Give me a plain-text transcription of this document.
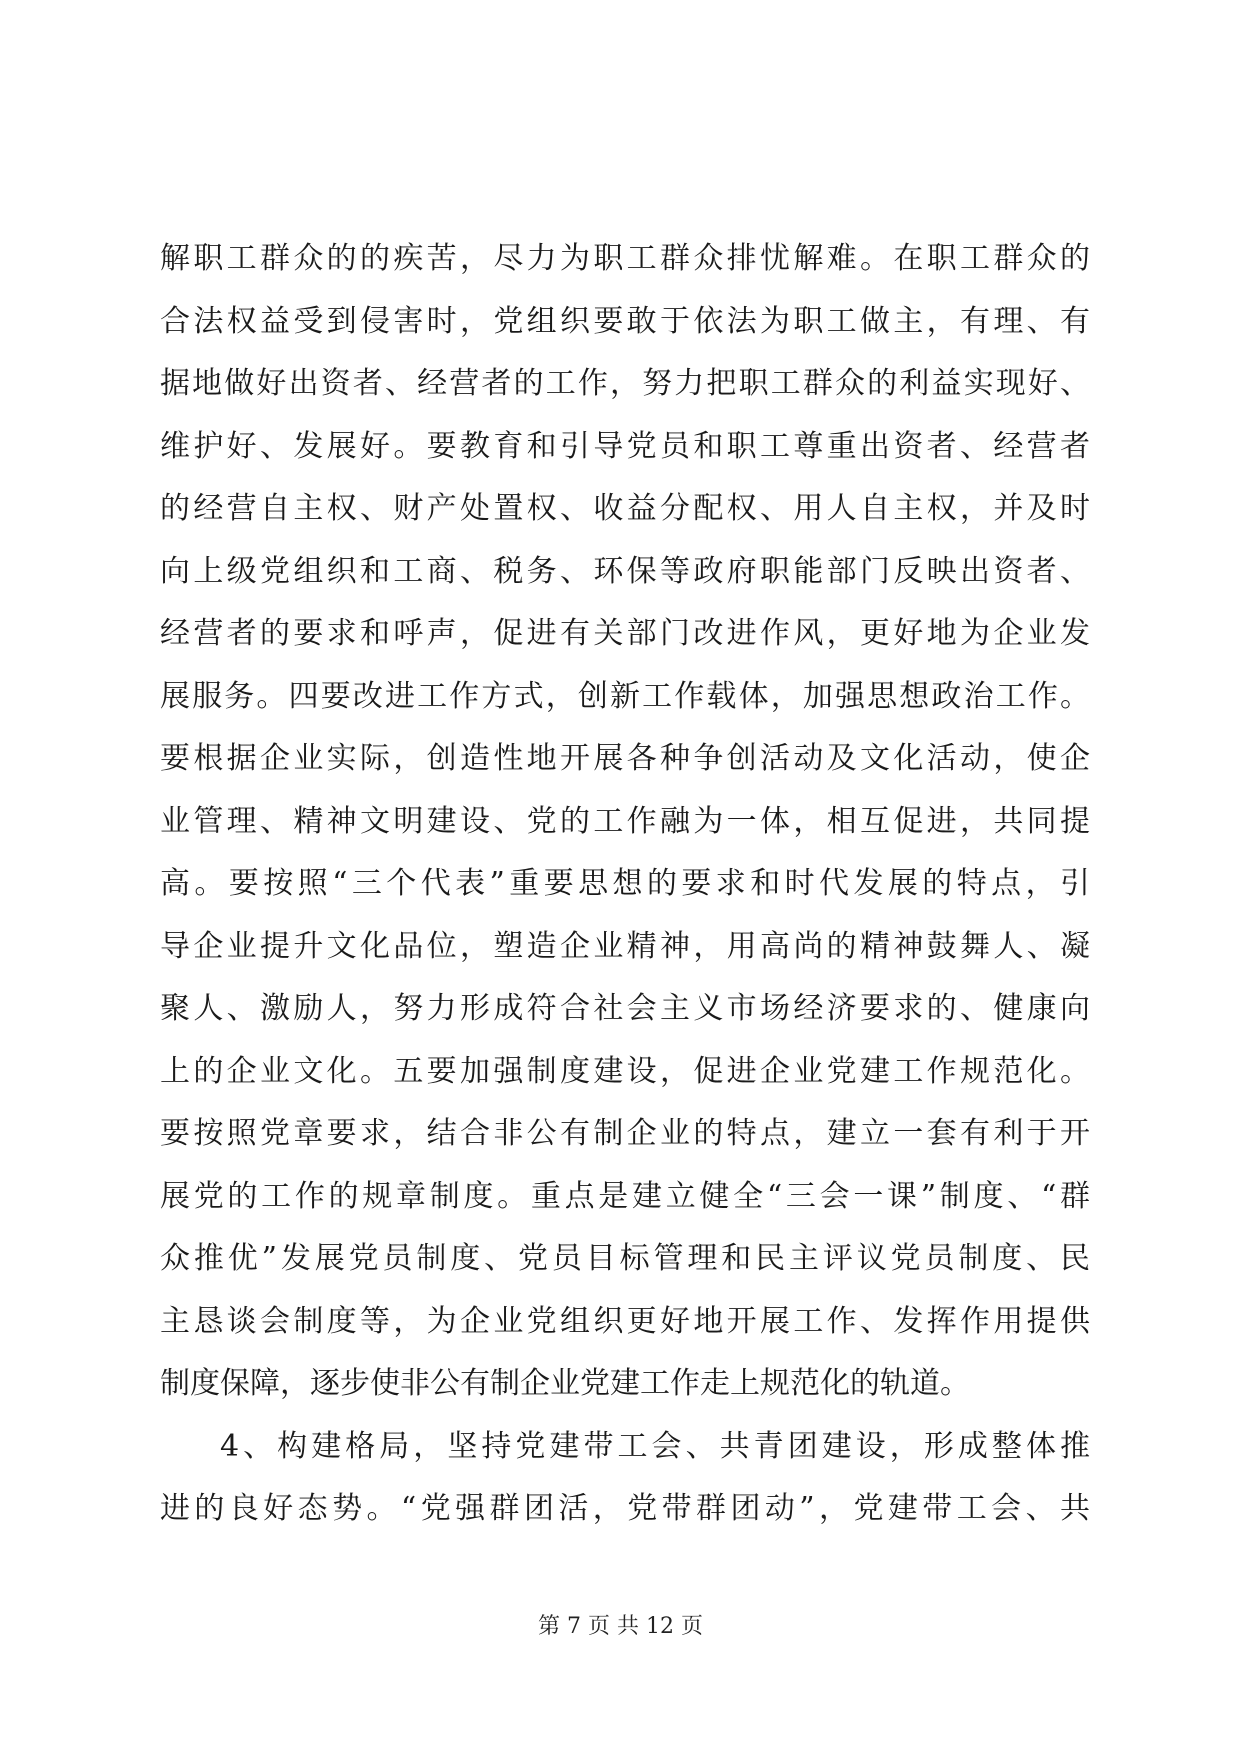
解职工群众的的疾苦，尽力为职工群众排忧解难。在职工群众的
合法权益受到侵害时，党组织要敢于依法为职工做主，有理、有
据地做好出资者、经营者的工作，努力把职工群众的利益实现好、
维护好、发展好。要教育和引导党员和职工尊重出资者、经营者
的经营自主权、财产处置权、收益分配权、用人自主权，并及时
向上级党组织和工商、税务、环保等政府职能部门反映出资者、
经营者的要求和呼声，促进有关部门改进作风，更好地为企业发
展服务。四要改进工作方式，创新工作载体，加强思想政治工作。
要根据企业实际，创造性地开展各种争创活动及文化活动，使企
业管理、精神文明建设、党的工作融为一体，相互促进，共同提
高。要按照“三个代表”重要思想的要求和时代发展的特点，引
导企业提升文化品位，塑造企业精神，用高尚的精神鼓舞人、凝
聚人、激励人，努力形成符合社会主义市场经济要求的、健康向
上的企业文化。五要加强制度建设，促进企业党建工作规范化。
要按照党章要求，结合非公有制企业的特点，建立一套有利于开
展党的工作的规章制度。重点是建立健全“三会一课”制度、“群
众推优”发展党员制度、党员目标管理和民主评议党员制度、民
主恳谈会制度等，为企业党组织更好地开展工作、发挥作用提供
制度保障，逐步使非公有制企业党建工作走上规范化的轨道。
4、构建格局，坚持党建带工会、共青团建设，形成整体推
进的良好态势。“党强群团活，党带群团动”，党建带工会、共
第 7 页 共 12 页
